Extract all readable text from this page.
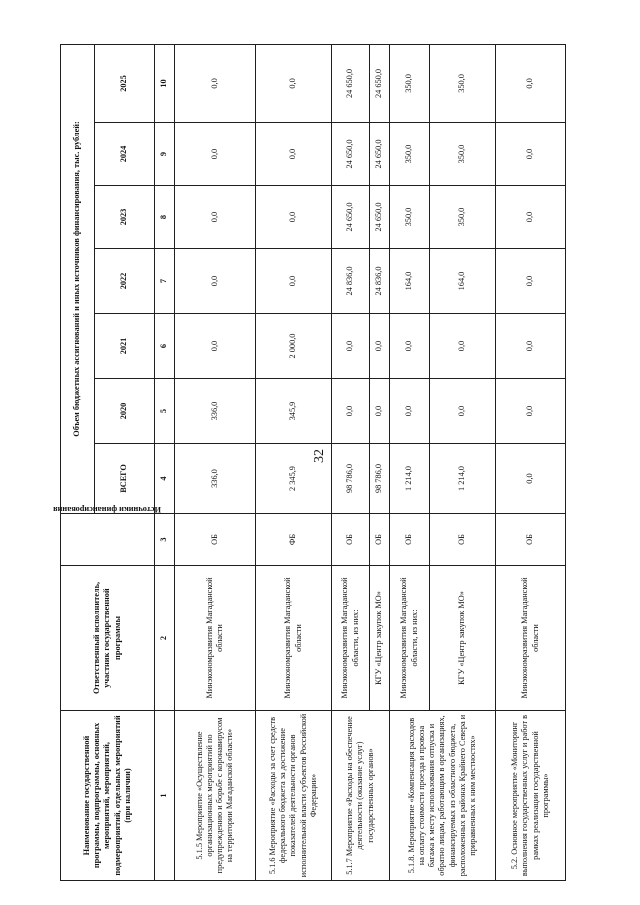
32
Наименование государственной программы, подпрограммы, основных мероприятий, мероприятий, подмероприятий, отдельных мероприятий (при наличии)	Ответственный исполнитель, участник государственной программы	Источники финансирования	Объем бюджетных ассигнований и иных источников финансирования, тыс. рублей:						
			ВСЕГО	2020	2021	2022	2023	2024	2025
1	2	3	4	5	6	7	8	9	10
5.1.5 Мероприятие «Осуществление организационных мероприятий по предупреждению и борьбе с коронавирусом на территории Магаданской области»	Минэкономразвития Магаданской области	ОБ	336,0	336,0	0,0	0,0	0,0	0,0	0,0
5.1.6 Мероприятие «Расходы за счет средств федерального бюджета за достижение показателей деятельности органов исполнительной власти субъектов Российской Федерации»	Минэкономразвития Магаданской области	ФБ	2 345,9	345,9	2 000,0	0,0	0,0	0,0	0,0
5.1.7 Мероприятие «Расходы на обеспечение деятельности (оказание услуг) государственных органов»	Минэкономразвития Магаданской области, из них:	ОБ	98 786,0	0,0	0,0	24 836,0	24 650,0	24 650,0	24 650,0
	КГУ «Центр закупок МО»	ОБ	98 786,0	0,0	0,0	24 836,0	24 650,0	24 650,0	24 650,0
5.1.8. Мероприятие «Компенсация расходов на оплату стоимости проезда и провоза багажа к месту использования отпуска и обратно лицам, работающим в организациях, финансируемых из областного бюджета, расположенных в районах Крайнего Севера и приравненных к ним местностях»	Минэкономразвития Магаданской области, из них:	ОБ	1 214,0	0,0	0,0	164,0	350,0	350,0	350,0
	КГУ «Центр закупок МО»	ОБ	1 214,0	0,0	0,0	164,0	350,0	350,0	350,0
5.2. Основное мероприятие «Мониторинг выполнения государственных услуг и работ в рамках реализации государственной программы»	Минэкономразвития Магаданской области	ОБ	0,0	0,0	0,0	0,0	0,0	0,0	0,0
